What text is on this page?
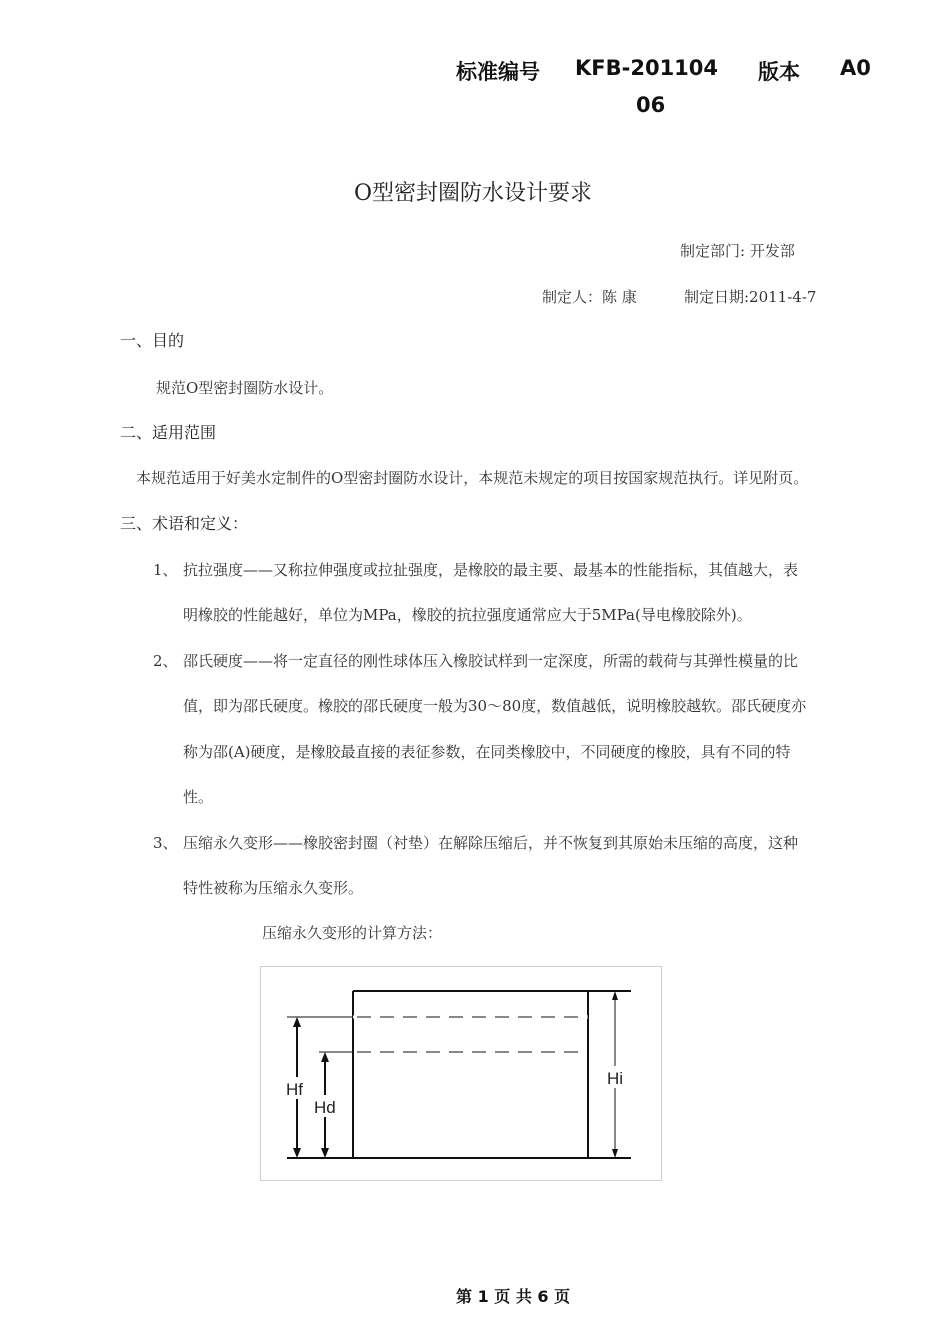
标准编号 KFB-201104 版本 A0
06
O型密封圈防水设计要求
制定部门: 开发部
制定人：陈 康	制定日期:2011-4-7
一、目的
规范O型密封圈防水设计。
二、适用范围
本规范适用于好美水定制件的O型密封圈防水设计，本规范未规定的项目按国家规范执行。详见附页。
三、术语和定义：
1、 抗拉强度——又称拉伸强度或拉扯强度，是橡胶的最主要、最基本的性能指标，其值越大，表
明橡胶的性能越好，单位为MPa，橡胶的抗拉强度通常应大于5MPa(导电橡胶除外)。
2、 邵氏硬度——将一定直径的刚性球体压入橡胶试样到一定深度，所需的载荷与其弹性模量的比
值，即为邵氏硬度。橡胶的邵氏硬度一般为30～80度，数值越低，说明橡胶越软。邵氏硬度亦
称为邵(A)硬度，是橡胶最直接的表征参数，在同类橡胶中，不同硬度的橡胶，具有不同的特
性。
3、 压缩永久变形——橡胶密封圈（衬垫）在解除压缩后，并不恢复到其原始未压缩的高度，这种
特性被称为压缩永久变形。
压缩永久变形的计算方法：
Hf
Hd
Hi
第 1 页 共 6 页
